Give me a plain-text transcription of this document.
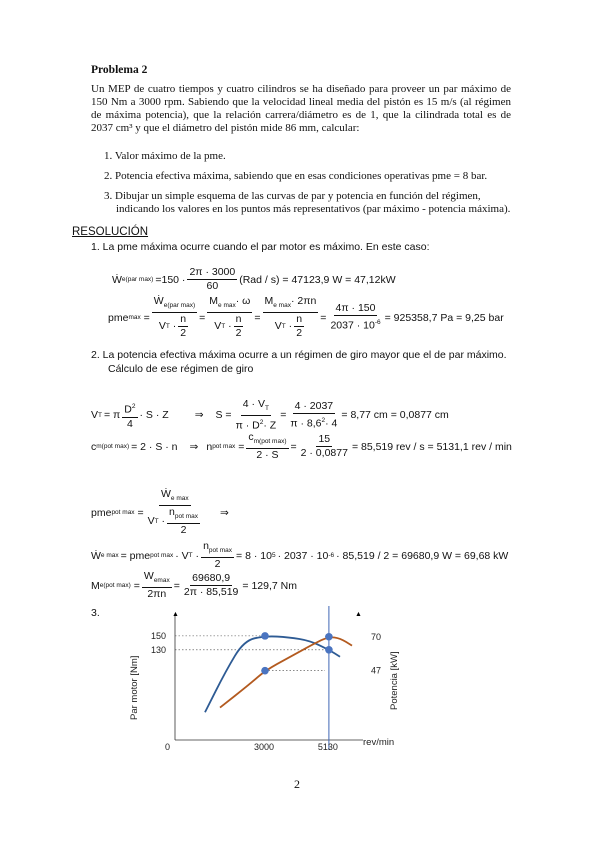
Problema 2
Un MEP de cuatro tiempos y cuatro cilindros se ha diseñado para proveer un par máximo de 150 Nm a 3000 rpm. Sabiendo que la velocidad lineal media del pistón es 15 m/s (al régimen de máxima potencia), que la relación carrera/diámetro es de 1, que la cilindrada total es de 2037 cm³ y que el diámetro del pistón mide 86 mm, calcular:
1. Valor máximo de la pme.
2. Potencia efectiva máxima, sabiendo que en esas condiciones operativas pme = 8 bar.
3. Dibujar un simple esquema de las curvas de par y potencia en función del régimen, indicando los valores en los puntos más representativos (par máximo - potencia máxima).
RESOLUCIÓN
1. La pme máxima ocurre cuando el par motor es máximo. En este caso:
Ẇ e(par $\max) =150 \cdot \frac{2\pi \cdot 3000}{60} (Rad / s) = 47123,9$ W = 47,12kW
pme $\max = \frac{Ẇ_{e(par max)}}{V T \cdot \frac{n}{2}} = \frac{M_{e max}\cdot \omega}{V T \cdot \frac{n}{2}} = \frac{M_{e max}\cdot 2\pi n}{V T \cdot \frac{n}{2}} = \frac{4\pi \cdot 150}{2037 \cdot 10^{-6}} = 925358,7$ Pa = 9,25 bar
2. La potencia efectiva máxima ocurre a un régimen de giro mayor que el de par máximo. Cálculo de ese régimen de giro
V T = π $\frac{D^2}{4} \cdot S \cdot Z$ ⇒ $S = \frac{4 \cdot V_T}{\pi \cdot D^2\cdot Z} = \frac{4 \cdot 2037}{\pi \cdot 8,6^2\cdot 4} = 8,77$ cm = 0,0877 cm
c m(pot max) = 2 · S · n ⇒ n pot $\max = \frac{c_{m(pot max)}}{2 \cdot S} = \frac{15}{2 \cdot 0,0877} = 85,519$ rev / s = 5131,1 rev / min
pme pot $\max = \frac{Ẇ_{e max}}{V T \cdot \frac{n_{pot max}}{2}}$ ⇒
Ẇ e max = pme pot max · V $T \cdot \frac{n_{pot max}}{2} = 8 \cdot 10$ 5 · 2037 · 10 -6 · 85,519 / 2 = 69680,9 W = 69,68 kW
M e(pot $\max) = \frac{W_{emax}}{2\pi n} = \frac{69680,9}{2\pi \cdot 85,519} = 129,7$ Nm
3.	▲	▲
0	3000	5130
150
130
70
47
rev/min
Par motor [Nm]	Potencia [kW]
2
